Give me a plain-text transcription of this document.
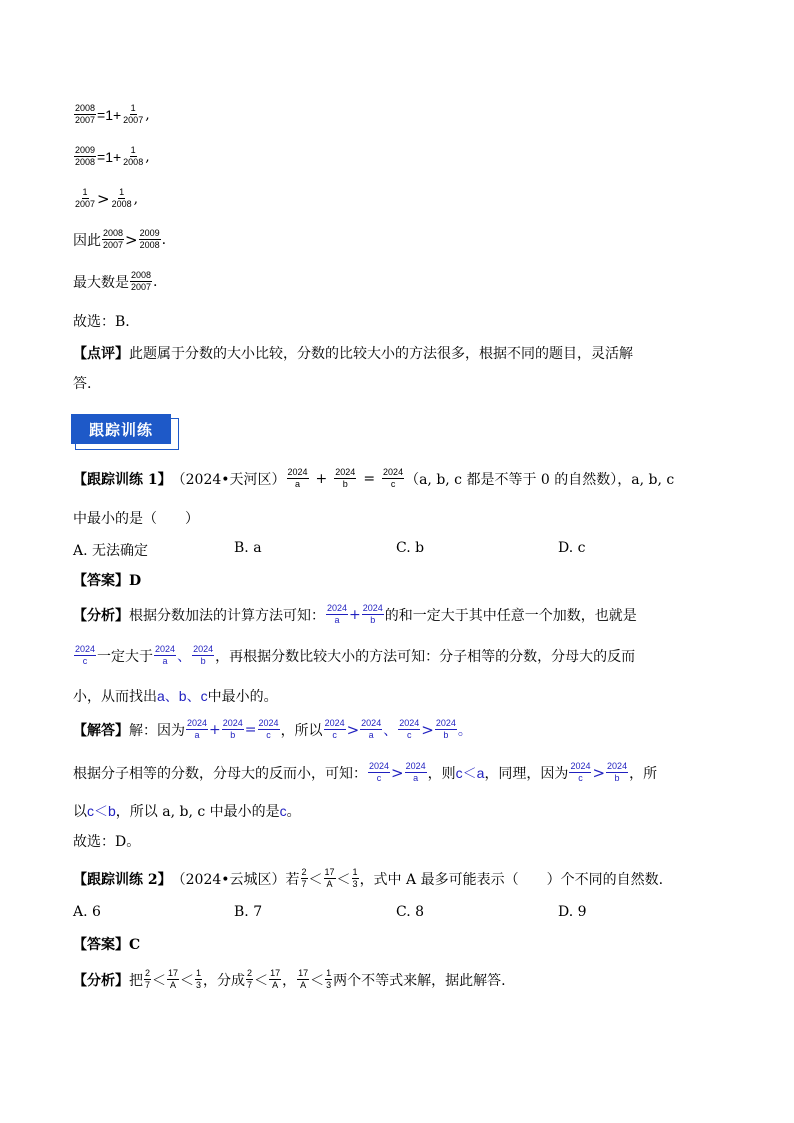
$\frac{2008}{2007} =1+ \frac{1}{2007}$ ,
$\frac{2009}{2008} =1+ \frac{1}{2008}$ ,
$\frac{1}{2007} > \frac{1}{2008}$ ,
因此 $\frac{2008}{2007} > \frac{2009}{2008}$ .
最大数是 $\frac{2008}{2007}$ .
故选：B.
【点评】 此题属于分数的大小比较，分数的比较大小的方法很多，根据不同的题目，灵活解
答.
跟踪训练
【跟踪训练 1】 （2024•天河区） $\frac{2024}{a} + \frac{2024}{b} = \frac{2024}{c} (a$, b, c 都是不等于 0 的自然数），a, b, c
中最小的是（　　）
A. 无法确定	B. a	C. b	D. c
【答案】D
【分析】 根据分数加法的计算方法可知： $\frac{2024}{a} + \frac{2024}{b}$ 的和一定大于其中任意一个加数，也就是
$\frac{2024}{c}$ 一定大于 $\frac{2024}{a}$ 、 $\frac{2024}{b}$ ，再根据分数比较大小的方法可知：分子相等的分数，分母大的反而
小，从而找出 a、b、c 中最小的。
【解答】 解：因为 $\frac{2024}{a} + \frac{2024}{b} = \frac{2024}{c}$ ，所以 $\frac{2024}{c} > \frac{2024}{a}$ 、 $\frac{2024}{c} > \frac{2024}{b}$ 。
根据分子相等的分数，分母大的反而小，可知： $\frac{2024}{c} > \frac{2024}{a}$ ，则 c＜a ，同理，因为 $\frac{2024}{c} > \frac{2024}{b}$ ，所
以 c＜b ，所以 a, b, c 中最小的是 c 。
故选：D。
【跟踪训练 2】 （2024•云城区） 若 $\frac{2}{7} < \frac{17}{A} < \frac{1}{3}$ ，式中 A 最多可能表示（　　）个不同的自然数.
A. 6	B. 7	C. 8	D. 9
【答案】C
【分析】 把 $\frac{2}{7} < \frac{17}{A} < \frac{1}{3}$ ，分成 $\frac{2}{7} < \frac{17}{A}$ ， $\frac{17}{A} < \frac{1}{3}$ 两个不等式来解，据此解答.
